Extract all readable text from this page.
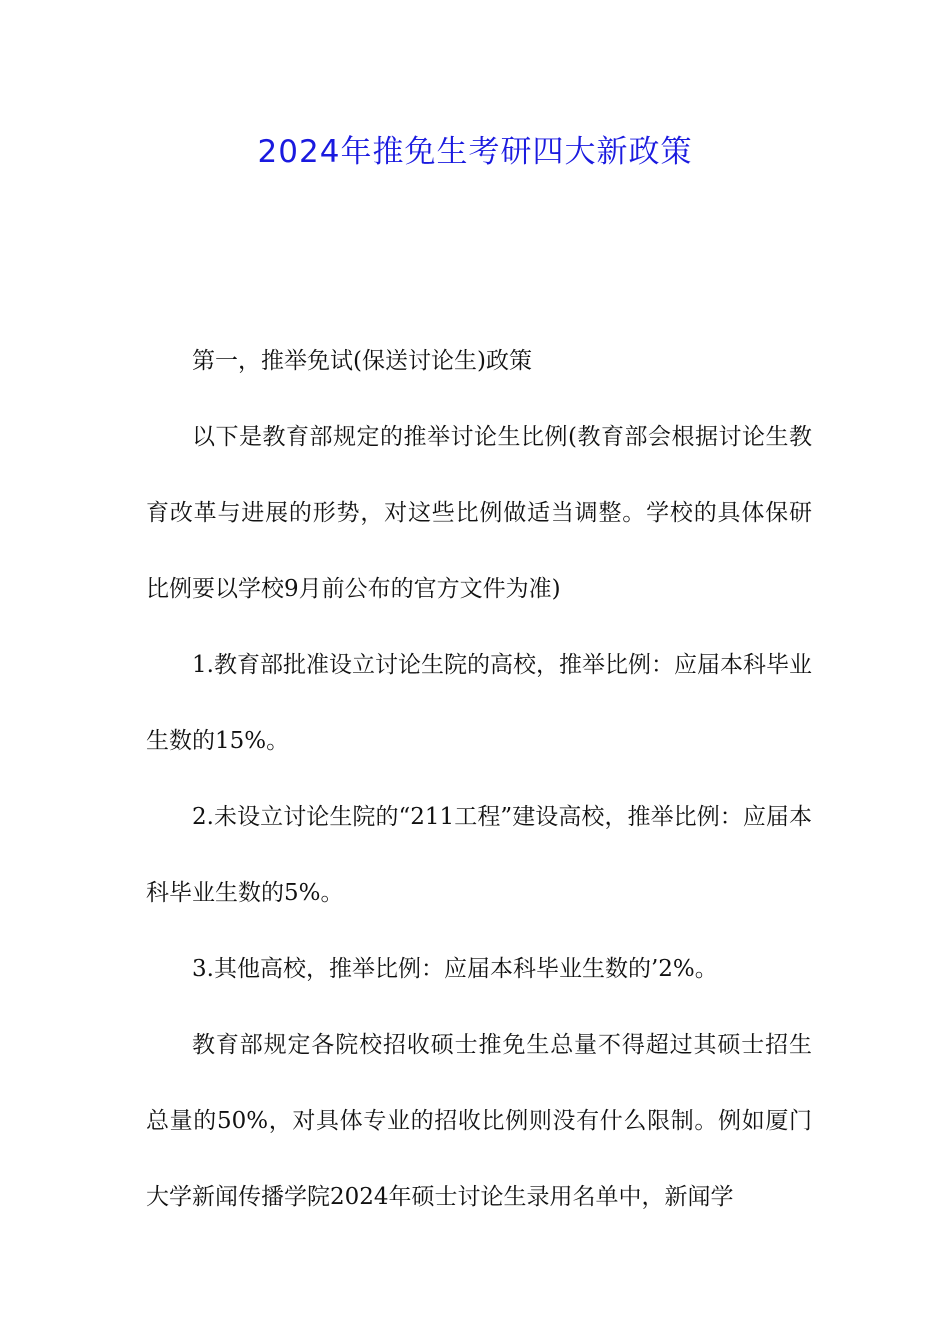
2024年推免生考研四大新政策

第一，推举免试(保送讨论生)政策

以下是教育部规定的推举讨论生比例(教育部会根据讨论生教育改革与进展的形势，对这些比例做适当调整。学校的具体保研比例要以学校9月前公布的官方文件为准)

1.教育部批准设立讨论生院的高校，推举比例：应届本科毕业生数的15%。

2.未设立讨论生院的“211工程”建设高校，推举比例：应届本科毕业生数的5%。

3.其他高校，推举比例：应届本科毕业生数的’2%。

教育部规定各院校招收硕士推免生总量不得超过其硕士招生总量的50%，对具体专业的招收比例则没有什么限制。例如厦门大学新闻传播学院2024年硕士讨论生录用名单中，新闻学
